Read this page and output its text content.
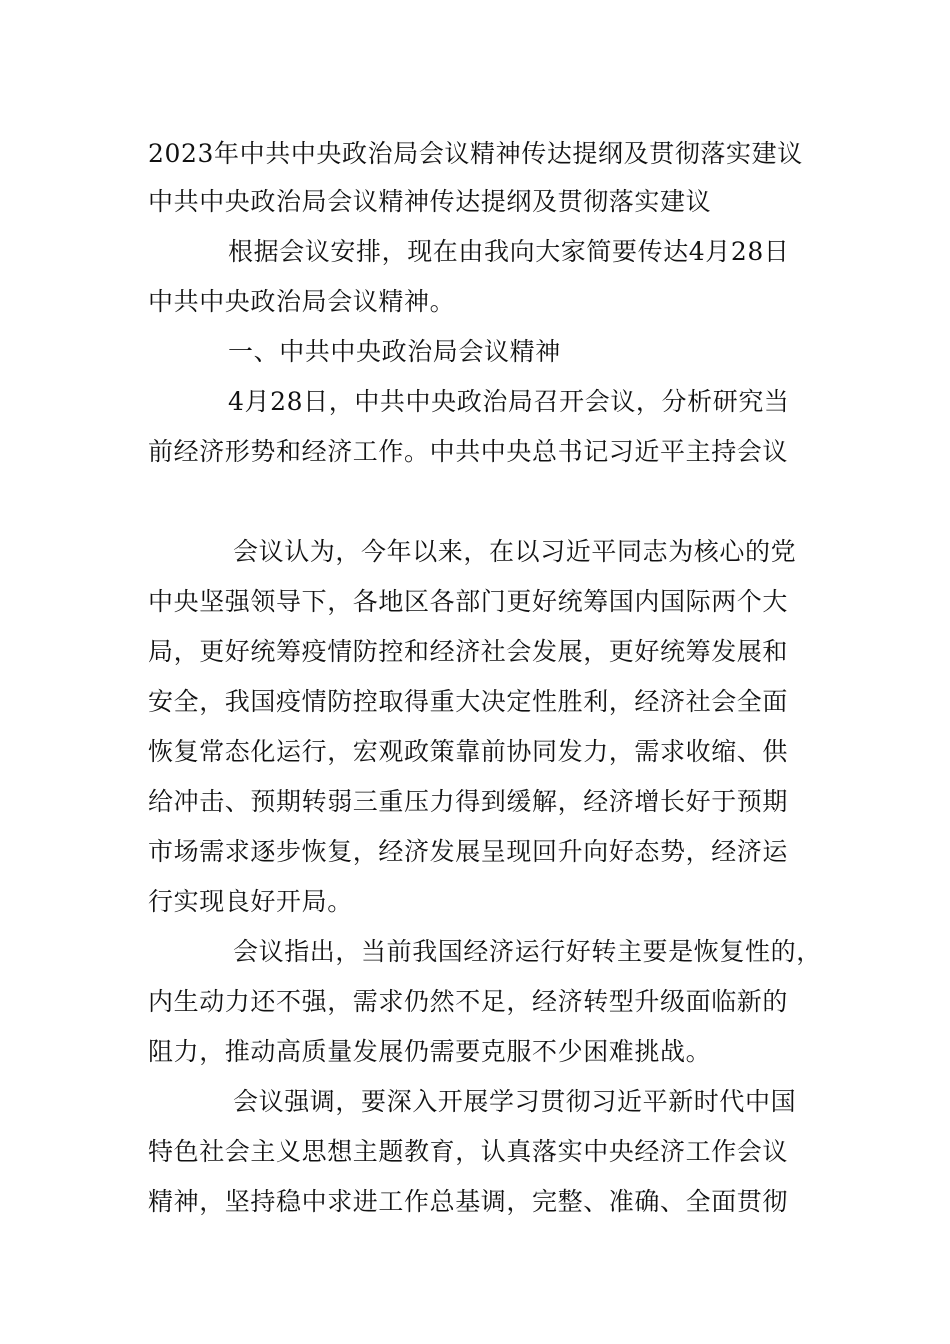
2023年中共中央政治局会议精神传达提纲及贯彻落实建议
中共中央政治局会议精神传达提纲及贯彻落实建议
根据会议安排，现在由我向大家简要传达4月28日
中共中央政治局会议精神。
一、中共中央政治局会议精神
4月28日，中共中央政治局召开会议，分析研究当
前经济形势和经济工作。中共中央总书记习近平主持会议
会议认为，今年以来，在以习近平同志为核心的党
中央坚强领导下，各地区各部门更好统筹国内国际两个大
局，更好统筹疫情防控和经济社会发展，更好统筹发展和
安全，我国疫情防控取得重大决定性胜利，经济社会全面
恢复常态化运行，宏观政策靠前协同发力，需求收缩、供
给冲击、预期转弱三重压力得到缓解，经济增长好于预期
市场需求逐步恢复，经济发展呈现回升向好态势，经济运
行实现良好开局。
会议指出，当前我国经济运行好转主要是恢复性的，
内生动力还不强，需求仍然不足，经济转型升级面临新的
阻力，推动高质量发展仍需要克服不少困难挑战。
会议强调，要深入开展学习贯彻习近平新时代中国
特色社会主义思想主题教育，认真落实中央经济工作会议
精神，坚持稳中求进工作总基调，完整、准确、全面贯彻
